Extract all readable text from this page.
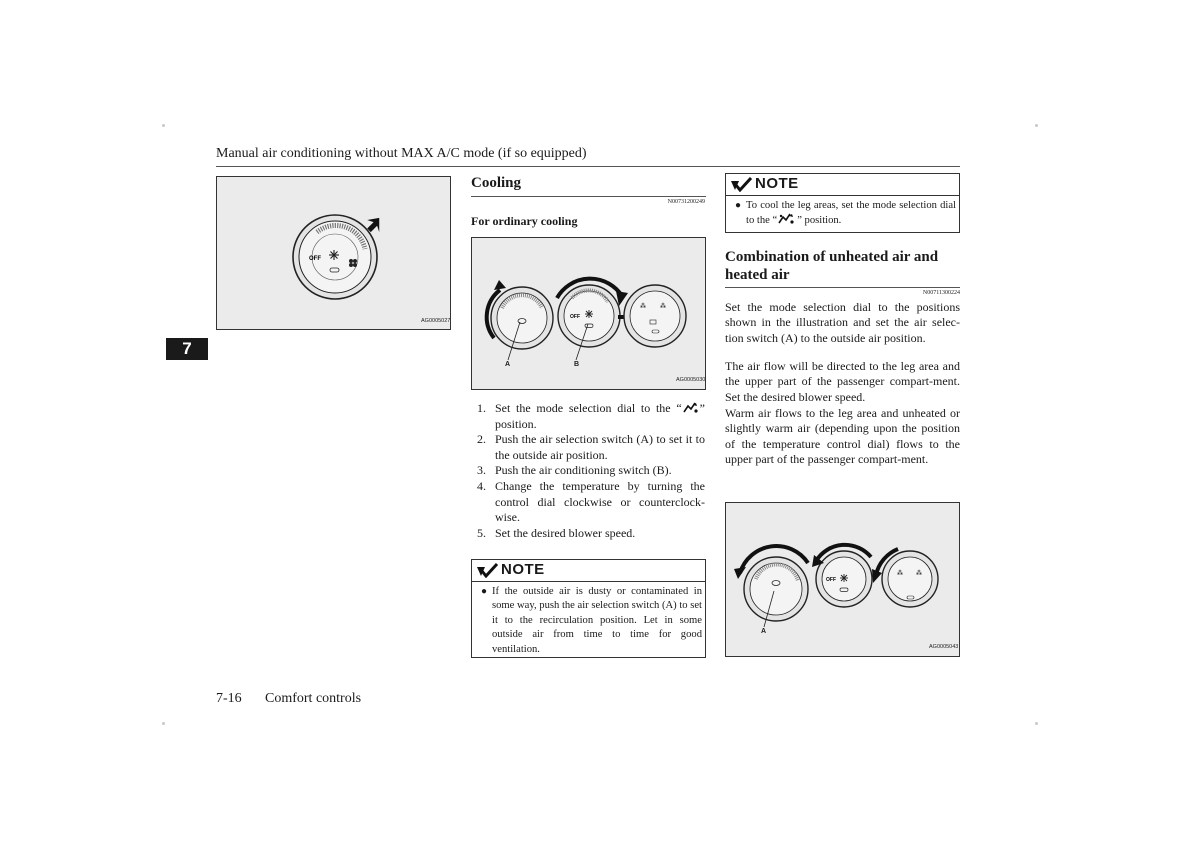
Manual air conditioning without MAX A/C mode (if so equipped)
7
OFF
AG0005027
Cooling
N00731200249
For ordinary cooling
OFF
⁂ ⁂
A	B
AG0005030
1. Set the mode selection dial to the “ ” position.
2. Push the air selection switch (A) to set it to the outside air position.
3. Push the air conditioning switch (B).
4. Change the temperature by turning the control dial clockwise or counterclock-wise.
5. Set the desired blower speed.
NOTE
● If the outside air is dusty or contaminated in some way, push the air selection switch (A) to set it to the recirculation position. Let in some outside air from time to time for good ventilation.
NOTE
● To cool the leg areas, set the mode selection dial to the “ ” position.
Combination of unheated air and heated air
N00711300224
Set the mode selection dial to the positions shown in the illustration and set the air selec-tion switch (A) to the outside air position.
The air flow will be directed to the leg area and the upper part of the passenger compart-ment. Set the desired blower speed.
Warm air flows to the leg area and unheated or slightly warm air (depending upon the position of the temperature control dial) flows to the upper part of the passenger compart-ment.
OFF
⁂ ⁂
A
AG0005043
7-16 Comfort controls
